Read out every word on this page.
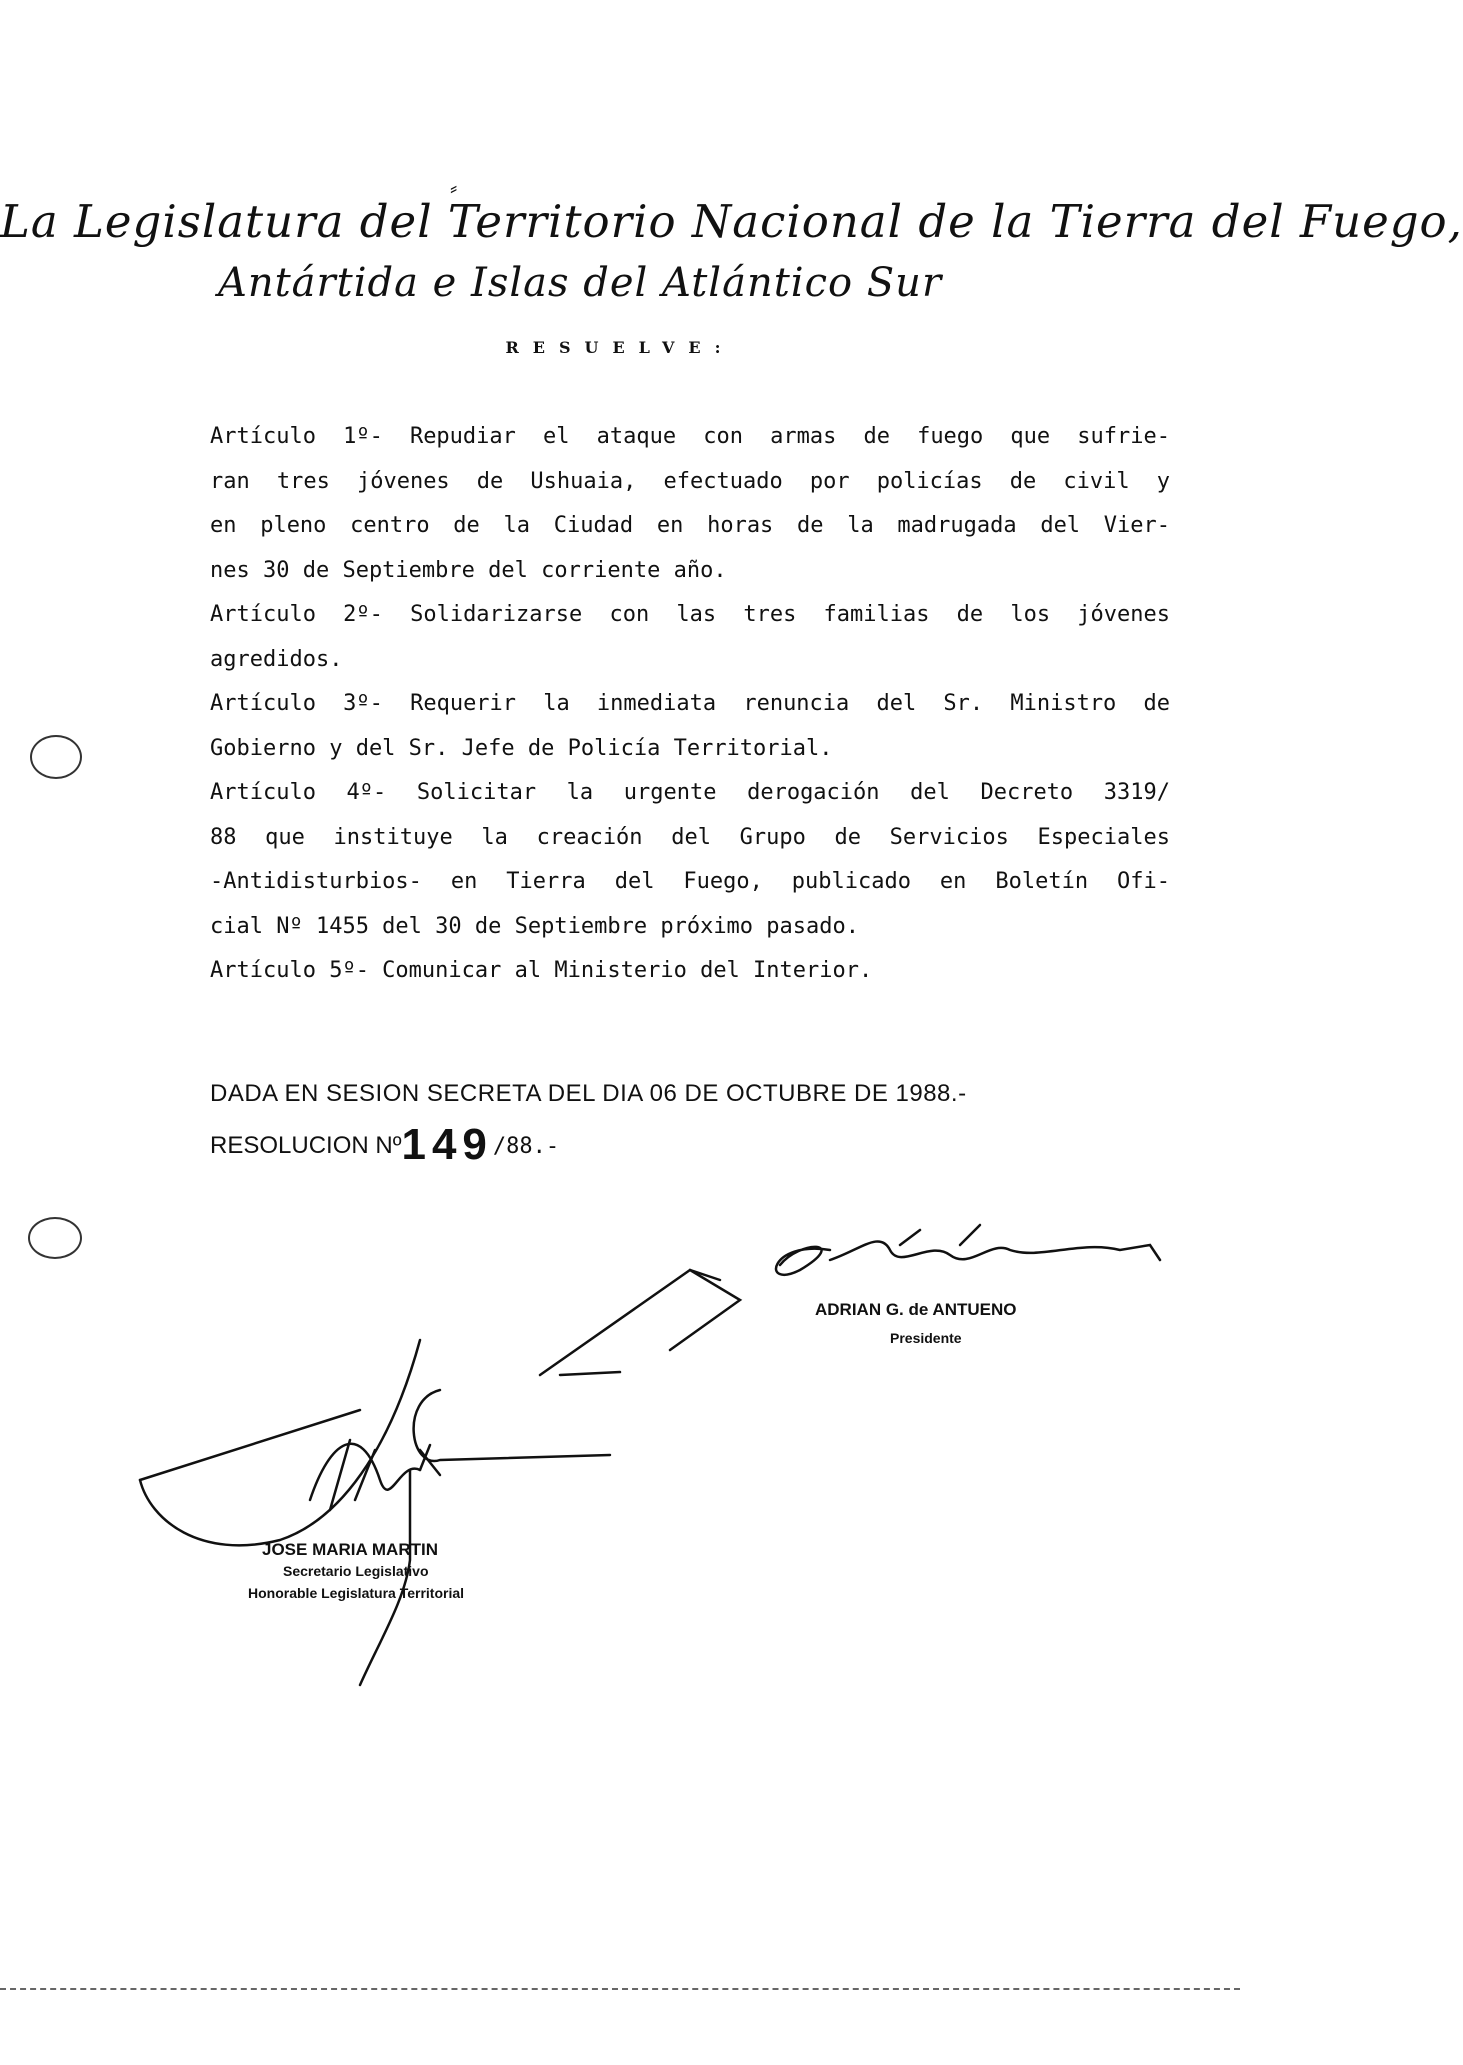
⸗
La Legislatura del Territorio Nacional de la Tierra del Fuego,
Antártida e Islas del Atlántico Sur
RESUELVE:
Artículo 1º- Repudiar el ataque con armas de fuego que sufrie-
ran tres jóvenes de Ushuaia, efectuado por policías de civil y
en pleno centro de la Ciudad en horas de la madrugada del Vier-
nes 30 de Septiembre del corriente año.
Artículo 2º- Solidarizarse con las tres familias de los jóvenes
agredidos.
Artículo 3º- Requerir la inmediata renuncia del Sr. Ministro de
Gobierno y del Sr. Jefe de Policía Territorial.
Artículo 4º- Solicitar la urgente derogación del Decreto 3319/
88 que instituye la creación del Grupo de Servicios Especiales
-Antidisturbios- en Tierra del Fuego, publicado en Boletín Ofi-
cial Nº 1455 del 30 de Septiembre próximo pasado.
Artículo 5º- Comunicar al Ministerio del Interior.
DADA EN SESION SECRETA DEL DIA 06 DE OCTUBRE DE 1988.-
RESOLUCION Nº149/88.-
ADRIAN G. de ANTUENO
Presidente
JOSE MARIA MARTIN
Secretario Legislativo
Honorable Legislatura Territorial
